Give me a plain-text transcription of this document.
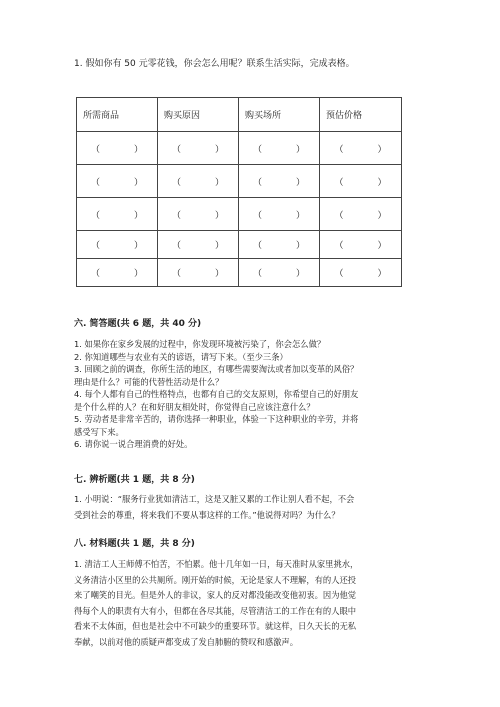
1. 假如你有 50 元零花钱，你会怎么用呢？联系生活实际，完成表格。
所需商品	购买原因	购买场所	预估价格
（ ）	（ ）	（ ）	（ ）

（ ）	（ ）	（ ）	（ ）

（ ）	（ ）	（ ）	（ ）

（ ）	（ ）	（ ）	（ ）

（ ）	（ ）	（ ）	（ ）
六. 简答题(共 6 题，共 40 分)

1. 如果你在家乡发展的过程中，你发现环境被污染了，你会怎么做？

2. 你知道哪些与农业有关的谚语，请写下来。（至少三条）

3. 回顾之前的调查，你所生活的地区，有哪些需要淘汰或者加以变革的风俗？

理由是什么？可能的代替性活动是什么？

4. 每个人都有自己的性格特点，也都有自己的交友原则，你希望自己的好朋友

是个什么样的人？在和好朋友相处时，你觉得自己应该注意什么？

5. 劳动者是非常辛苦的，请你选择一种职业，体验一下这种职业的辛劳，并将

感受写下来。

6. 请你说一说合理消费的好处。

七. 辨析题(共 1 题，共 8 分)

1. 小明说：“服务行业犹如清洁工，这是又脏又累的工作让别人看不起，不会

受到社会的尊重，将来我们不要从事这样的工作。”他说得对吗？为什么？

八. 材料题(共 1 题，共 8 分)

1. 清洁工人王师傅不怕苦，不怕累。他十几年如一日，每天准时从家里挑水，

义务清洁小区里的公共厕所。刚开始的时候，无论是家人不理解，有的人还投

来了嘲笑的目光。但是外人的非议，家人的反对都没能改变他初衷。因为他觉

得每个人的职责有大有小，但都在各尽其能，尽管清洁工的工作在有的人眼中

看来不太体面，但也是社会中不可缺少的重要环节。就这样，日久天长的无私

奉献，以前对他的质疑声都变成了发自肺腑的赞叹和感激声。
